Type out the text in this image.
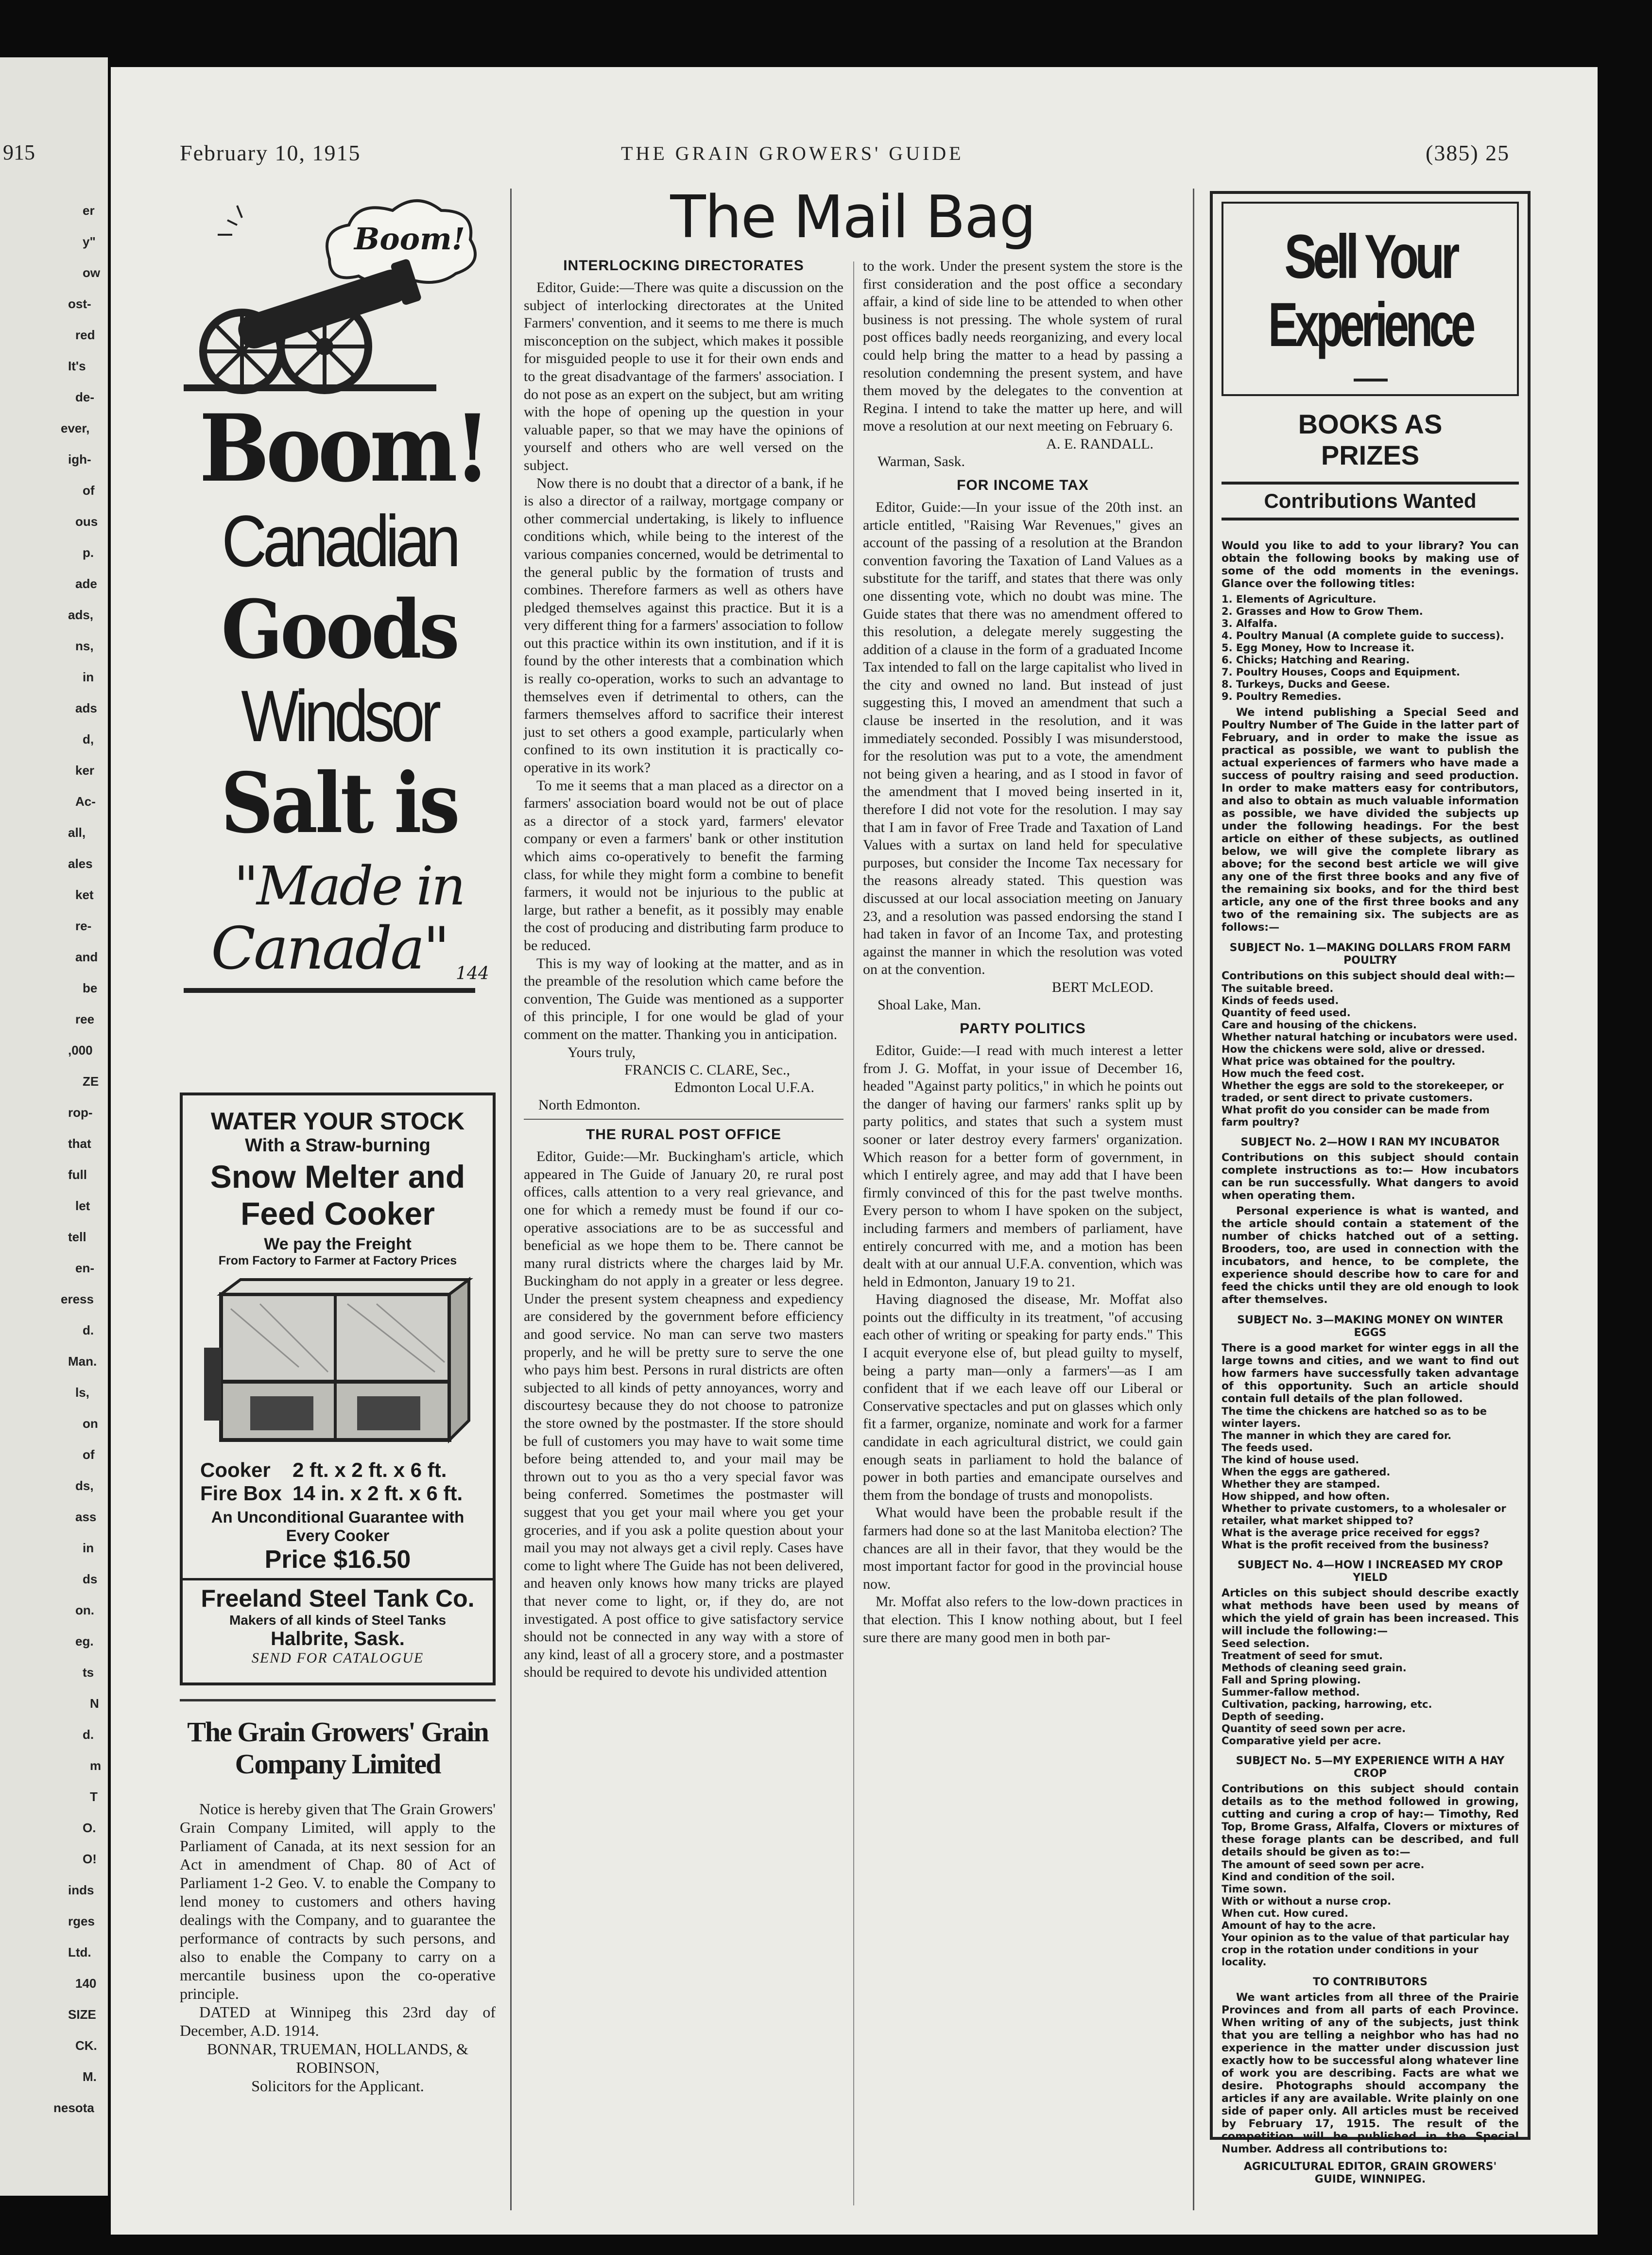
915
er
y"
ow
ost-
red
It's
de-
ever,
igh-
of
ous
p.
ade
ads,
ns,
in
ads
d,
ker
Ac-
all,
ales
ket
re-
and
be
ree
,000
ZE
rop-
that
full
let
tell
en-
eress
d.
Man.
ls,
on
of
ds,
ass
in
ds
on.
eg.
ts
N
d.
m
T
O.
O!
inds
rges
Ltd.
140
SIZE
CK.
M.
nesota
February 10, 1915	THE GRAIN GROWERS' GUIDE	(385) 25
Boom!
Boom!
Canadian
Goods
Windsor
Salt is
"Made in
Canada" 144
WATER YOUR STOCK
With a Straw-burning
Snow Melter and
Feed Cooker
We pay the Freight
From Factory to Farmer at Factory Prices
Cooker 2 ft. x 2 ft. x 6 ft.
Fire Box 14 in. x 2 ft. x 6 ft.
An Unconditional Guarantee with
Every Cooker
Price $16.50
Freeland Steel Tank Co.
Makers of all kinds of Steel Tanks
Halbrite, Sask.
SEND FOR CATALOGUE
The Grain Growers' Grain
Company Limited

Notice is hereby given that The Grain Growers' Grain Company Limited, will apply to the Parliament of Canada, at its next session for an Act in amendment of Chap. 80 of Act of Parliament 1-2 Geo. V. to enable the Company to lend money to customers and others having dealings with the Company, and to guarantee the performance of contracts by such persons, and also to enable the Company to carry on a mercantile business upon the co-operative principle.

DATED at Winnipeg this 23rd day of December, A.D. 1914.

BONNAR, TRUEMAN, HOLLANDS, & ROBINSON,

Solicitors for the Applicant.

The Mail Bag
INTERLOCKING DIRECTORATES

Editor, Guide:—There was quite a discussion on the subject of interlocking directorates at the United Farmers' convention, and it seems to me there is much misconception on the subject, which makes it possible for misguided people to use it for their own ends and to the great disadvantage of the farmers' association. I do not pose as an expert on the subject, but am writing with the hope of opening up the question in your valuable paper, so that we may have the opinions of yourself and others who are well versed on the subject.

Now there is no doubt that a director of a bank, if he is also a director of a railway, mortgage company or other commercial undertaking, is likely to influence conditions which, while being to the interest of the various companies concerned, would be detrimental to the general public by the formation of trusts and combines. Therefore farmers as well as others have pledged themselves against this practice. But it is a very different thing for a farmers' association to follow out this practice within its own institution, and if it is found by the other interests that a combination which is really co-operation, works to such an advantage to themselves even if detrimental to others, can the farmers themselves afford to sacrifice their interest just to set others a good example, particularly when confined to its own institution it is practically co-operative in its work?

To me it seems that a man placed as a director on a farmers' association board would not be out of place as a director of a stock yard, farmers' elevator company or even a farmers' bank or other institution which aims co-operatively to benefit the farming class, for while they might form a combine to benefit farmers, it would not be injurious to the public at large, but rather a benefit, as it possibly may enable the cost of producing and distributing farm produce to be reduced.

This is my way of looking at the matter, and as in the preamble of the resolution which came before the convention, The Guide was mentioned as a supporter of this principle, I for one would be glad of your comment on the matter. Thanking you in anticipation.

Yours truly,

FRANCIS C. CLARE, Sec.,

Edmonton Local U.F.A.

North Edmonton.

THE RURAL POST OFFICE

Editor, Guide:—Mr. Buckingham's article, which appeared in The Guide of January 20, re rural post offices, calls attention to a very real grievance, and one for which a remedy must be found if our co-operative associations are to be as successful and beneficial as we hope them to be. There cannot be many rural districts where the charges laid by Mr. Buckingham do not apply in a greater or less degree. Under the present system cheapness and expediency are considered by the government before efficiency and good service. No man can serve two masters properly, and he will be pretty sure to serve the one who pays him best. Persons in rural districts are often subjected to all kinds of petty annoyances, worry and discourtesy because they do not choose to patronize the store owned by the postmaster. If the store should be full of customers you may have to wait some time before being attended to, and your mail may be thrown out to you as tho a very special favor was being conferred. Sometimes the postmaster will suggest that you get your mail where you get your groceries, and if you ask a polite question about your mail you may not always get a civil reply. Cases have come to light where The Guide has not been delivered, and heaven only knows how many tricks are played that never come to light, or, if they do, are not investigated. A post office to give satisfactory service should not be connected in any way with a store of any kind, least of all a grocery store, and a postmaster should be required to devote his undivided attention

to the work. Under the present system the store is the first consideration and the post office a secondary affair, a kind of side line to be attended to when other business is not pressing. The whole system of rural post offices badly needs reorganizing, and every local could help bring the matter to a head by passing a resolution condemning the present system, and have them moved by the delegates to the convention at Regina. I intend to take the matter up here, and will move a resolution at our next meeting on February 6.

A. E. RANDALL.

Warman, Sask.

FOR INCOME TAX

Editor, Guide:—In your issue of the 20th inst. an article entitled, "Raising War Revenues," gives an account of the passing of a resolution at the Brandon convention favoring the Taxation of Land Values as a substitute for the tariff, and states that there was only one dissenting vote, which no doubt was mine. The Guide states that there was no amendment offered to this resolution, a delegate merely suggesting the addition of a clause in the form of a graduated Income Tax intended to fall on the large capitalist who lived in the city and owned no land. But instead of just suggesting this, I moved an amendment that such a clause be inserted in the resolution, and it was immediately seconded. Possibly I was misunderstood, for the resolution was put to a vote, the amendment not being given a hearing, and as I stood in favor of the amendment that I moved being inserted in it, therefore I did not vote for the resolution. I may say that I am in favor of Free Trade and Taxation of Land Values with a surtax on land held for speculative purposes, but consider the Income Tax necessary for the reasons already stated. This question was discussed at our local association meeting on January 23, and a resolution was passed endorsing the stand I had taken in favor of an Income Tax, and protesting against the manner in which the resolution was voted on at the convention.

BERT McLEOD.

Shoal Lake, Man.

PARTY POLITICS

Editor, Guide:—I read with much interest a letter from J. G. Moffat, in your issue of December 16, headed "Against party politics," in which he points out the danger of having our farmers' ranks split up by party politics, and states that such a system must sooner or later destroy every farmers' organization. Which reason for a better form of government, in which I entirely agree, and may add that I have been firmly convinced of this for the past twelve months. Every person to whom I have spoken on the subject, including farmers and members of parliament, have entirely concurred with me, and a motion has been dealt with at our annual U.F.A. convention, which was held in Edmonton, January 19 to 21.

Having diagnosed the disease, Mr. Moffat also points out the difficulty in its treatment, "of accusing each other of writing or speaking for party ends." This I acquit everyone else of, but plead guilty to myself, being a party man—only a farmers'—as I am confident that if we each leave off our Liberal or Conservative spectacles and put on glasses which only fit a farmer, organize, nominate and work for a farmer candidate in each agricultural district, we could gain enough seats in parliament to hold the balance of power in both parties and emancipate ourselves and them from the bondage of trusts and monopolists.

What would have been the probable result if the farmers had done so at the last Manitoba election? The chances are all in their favor, that they would be the most important factor for good in the provincial house now.

Mr. Moffat also refers to the low-down practices in that election. This I know nothing about, but I feel sure there are many good men in both par-

Sell Your
Experience
BOOKS AS
PRIZES
Contributions Wanted

Would you like to add to your library? You can obtain the following books by making use of some of the odd moments in the evenings. Glance over the following titles:

1. Elements of Agriculture.
2. Grasses and How to Grow Them.
3. Alfalfa.
4. Poultry Manual (A complete guide to success).
5. Egg Money, How to Increase it.
6. Chicks; Hatching and Rearing.
7. Poultry Houses, Coops and Equipment.
8. Turkeys, Ducks and Geese.
9. Poultry Remedies.

We intend publishing a Special Seed and Poultry Number of The Guide in the latter part of February, and in order to make the issue as practical as possible, we want to publish the actual experiences of farmers who have made a success of poultry raising and seed production. In order to make matters easy for contributors, and also to obtain as much valuable information as possible, we have divided the subjects up under the following headings. For the best article on either of these subjects, as outlined below, we will give the complete library as above; for the second best article we will give any one of the first three books and any five of the remaining six books, and for the third best article, any one of the first three books and any two of the remaining six. The subjects are as follows:—

SUBJECT No. 1—MAKING DOLLARS FROM FARM POULTRY

Contributions on this subject should deal with:—

The suitable breed.
Kinds of feeds used.
Quantity of feed used.
Care and housing of the chickens.
Whether natural hatching or incubators were used.
How the chickens were sold, alive or dressed.
What price was obtained for the poultry.
How much the feed cost.
Whether the eggs are sold to the storekeeper, or traded, or sent direct to private customers.
What profit do you consider can be made from farm poultry?

SUBJECT No. 2—HOW I RAN MY INCUBATOR

Contributions on this subject should contain complete instructions as to:— How incubators can be run successfully. What dangers to avoid when operating them.

Personal experience is what is wanted, and the article should contain a statement of the number of chicks hatched out of a setting. Brooders, too, are used in connection with the incubators, and hence, to be complete, the experience should describe how to care for and feed the chicks until they are old enough to look after themselves.

SUBJECT No. 3—MAKING MONEY ON WINTER EGGS

There is a good market for winter eggs in all the large towns and cities, and we want to find out how farmers have successfully taken advantage of this opportunity. Such an article should contain full details of the plan followed.

The time the chickens are hatched so as to be winter layers.
The manner in which they are cared for.
The feeds used.
The kind of house used.
When the eggs are gathered.
Whether they are stamped.
How shipped, and how often.
Whether to private customers, to a wholesaler or retailer, what market shipped to?
What is the average price received for eggs?
What is the profit received from the business?

SUBJECT No. 4—HOW I INCREASED MY CROP YIELD

Articles on this subject should describe exactly what methods have been used by means of which the yield of grain has been increased. This will include the following:—

Seed selection.
Treatment of seed for smut.
Methods of cleaning seed grain.
Fall and Spring plowing.
Summer-fallow method.
Cultivation, packing, harrowing, etc.
Depth of seeding.
Quantity of seed sown per acre.
Comparative yield per acre.

SUBJECT No. 5—MY EXPERIENCE WITH A HAY CROP

Contributions on this subject should contain details as to the method followed in growing, cutting and curing a crop of hay:— Timothy, Red Top, Brome Grass, Alfalfa, Clovers or mixtures of these forage plants can be described, and full details should be given as to:—

The amount of seed sown per acre.
Kind and condition of the soil.
Time sown.
With or without a nurse crop.
When cut. How cured.
Amount of hay to the acre.
Your opinion as to the value of that particular hay crop in the rotation under conditions in your locality.

TO CONTRIBUTORS

We want articles from all three of the Prairie Provinces and from all parts of each Province. When writing of any of the subjects, just think that you are telling a neighbor who has had no experience in the matter under discussion just exactly how to be successful along whatever line of work you are describing. Facts are what we desire. Photographs should accompany the articles if any are available. Write plainly on one side of paper only. All articles must be received by February 17, 1915. The result of the competition will be published in the Special Number. Address all contributions to:

AGRICULTURAL EDITOR, GRAIN GROWERS' GUIDE, WINNIPEG.
